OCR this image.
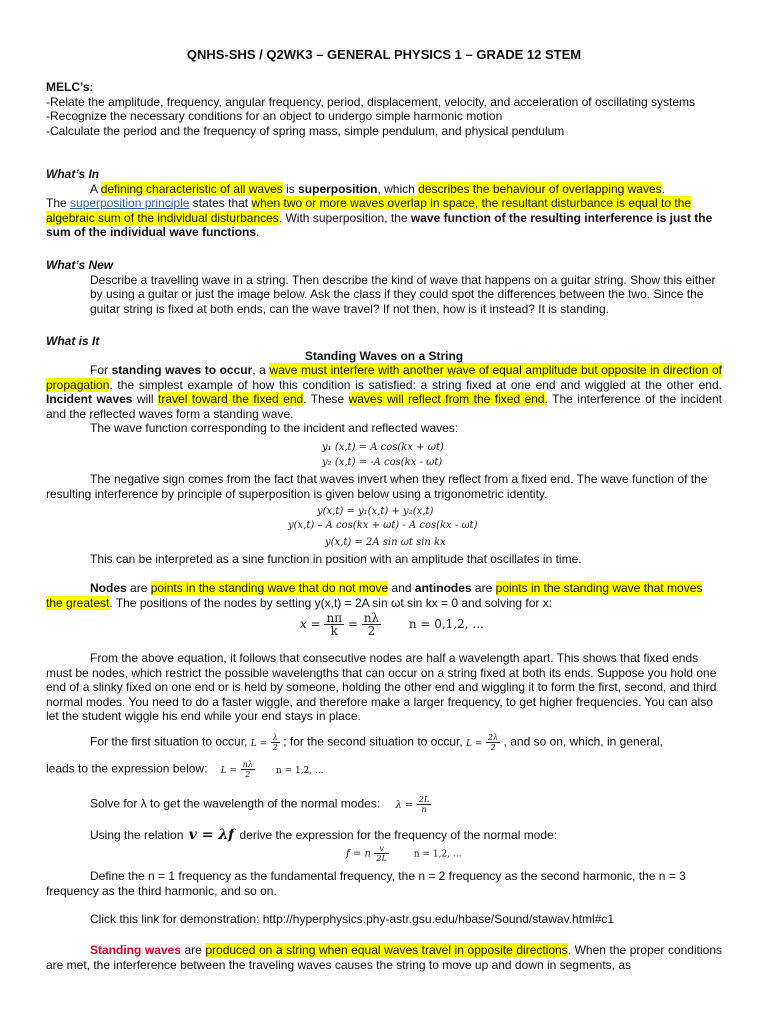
QNHS-SHS / Q2WK3 – GENERAL PHYSICS 1 – GRADE 12 STEM
MELC’s:
-Relate the amplitude, frequency, angular frequency, period, displacement, velocity, and acceleration of oscillating systems
-Recognize the necessary conditions for an object to undergo simple harmonic motion
-Calculate the period and the frequency of spring mass, simple pendulum, and physical pendulum
What’s In
A defining characteristic of all waves is superposition, which describes the behaviour of overlapping waves.
The superposition principle states that when two or more waves overlap in space, the resultant disturbance is equal to the algebraic sum of the individual disturbances. With superposition, the wave function of the resulting interference is just the sum of the individual wave functions.
What’s New
Describe a travelling wave in a string. Then describe the kind of wave that happens on a guitar string. Show this either by using a guitar or just the image below. Ask the class if they could spot the differences between the two. Since the guitar string is fixed at both ends, can the wave travel? If not then, how is it instead? It is standing.
What is It
Standing Waves on a String
For standing waves to occur, a wave must interfere with another wave of equal amplitude but opposite in direction of propagation. the simplest example of how this condition is satisfied: a string fixed at one end and wiggled at the other end. Incident waves will travel toward the fixed end. These waves will reflect from the fixed end. The interference of the incident and the reflected waves form a standing wave.
The wave function corresponding to the incident and reflected waves:
y₁ (x,t) = A cos(kx + ωt)
y₂ (x,t) = -A cos(kx - ωt)
The negative sign comes from the fact that waves invert when they reflect from a fixed end. The wave function of the resulting interference by principle of superposition is given below using a trigonometric identity.
y(x,t) = y₁(x,t) + y₂(x,t)
y(x,t) – A cos(kx + ωt) - A cos(kx - ωt)
y(x,t) = 2A sin ωt sin kx
This can be interpreted as a sine function in position with an amplitude that oscillates in time.
Nodes are points in the standing wave that do not move and antinodes are points in the standing wave that moves the greatest. The positions of the nodes by setting y(x,t) = 2A sin ωt sin kx = 0 and solving for x:
$x = \frac{n\pi}{k} = \frac{n\lambda}{2}$ n = 0,1,2, ...
From the above equation, it follows that consecutive nodes are half a wavelength apart. This shows that fixed ends must be nodes, which restrict the possible wavelengths that can occur on a string fixed at both its ends. Suppose you hold one end of a slinky fixed on one end or is held by someone, holding the other end and wiggling it to form the first, second, and third normal modes. You need to do a faster wiggle, and therefore make a larger frequency, to get higher frequencies. You can also let the student wiggle his end while your end stays in place.
For the first situation to occur, $L = \frac{\lambda}{2}$ ; for the second situation to occur, $L = \frac{2\lambda}{2}$ , and so on, which, in general,
leads to the expression below: $L = \frac{n\lambda}{2}$ n = 1,2, ...
Solve for λ to get the wavelength of the normal modes: $\lambda = \frac{2L}{n}$
Using the relation v = λf derive the expression for the frequency of the normal mode:
f = n $\frac{v}{2L}$	n = 1,2, ...
Define the n = 1 frequency as the fundamental frequency, the n = 2 frequency as the second harmonic, the n = 3 frequency as the third harmonic, and so on.
Click this link for demonstration: http://hyperphysics.phy-astr.gsu.edu/hbase/Sound/stawav.html#c1
Standing waves are produced on a string when equal waves travel in opposite directions. When the proper conditions are met, the interference between the traveling waves causes the string to move up and down in segments, as
